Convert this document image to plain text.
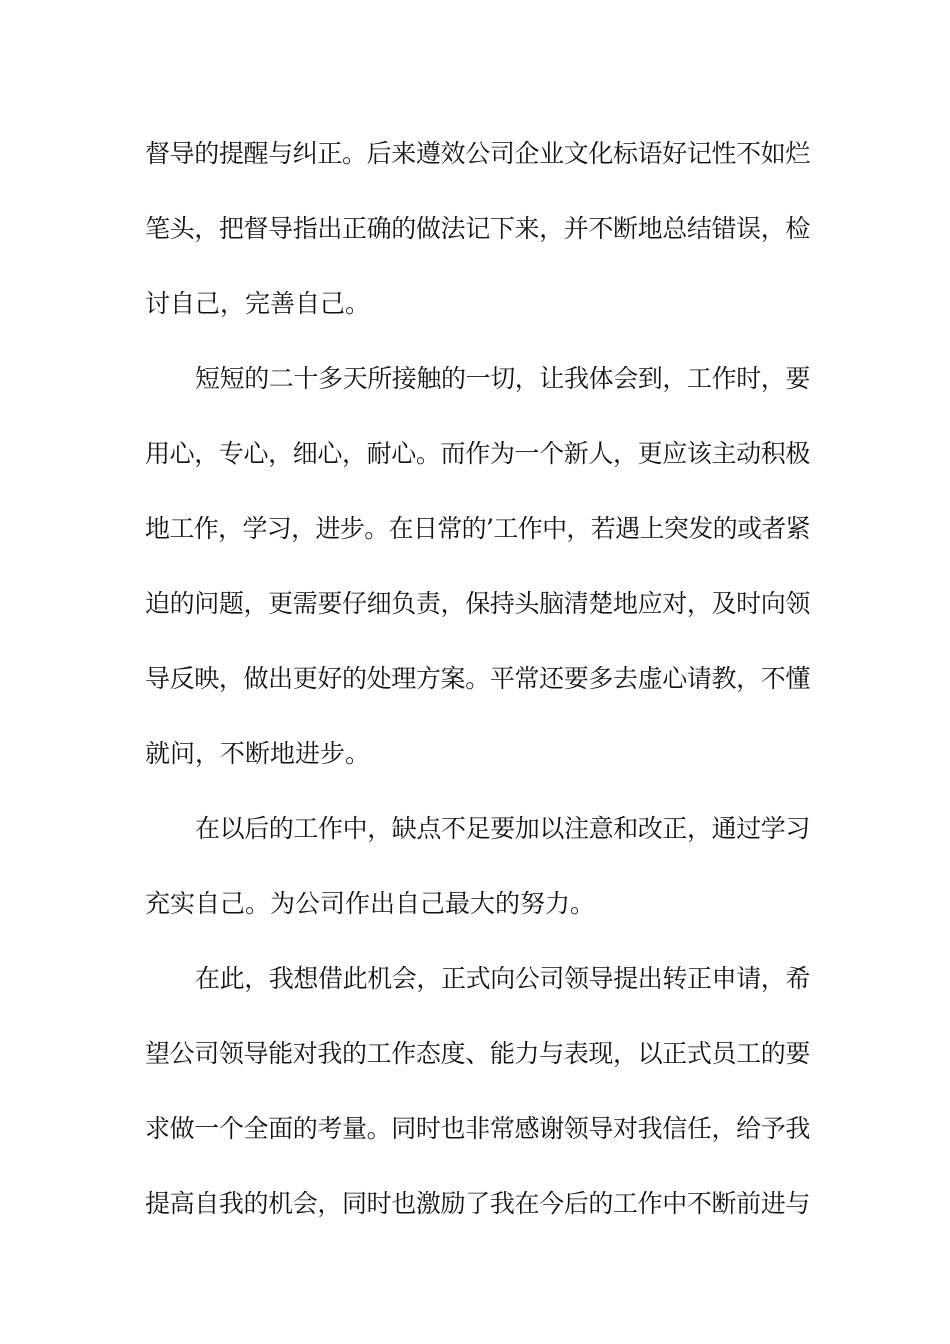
督导的提醒与纠正。后来遵效公司企业文化标语好记性不如烂
笔头，把督导指出正确的做法记下来，并不断地总结错误，检
讨自己，完善自己。
短短的二十多天所接触的一切，让我体会到，工作时，要
用心，专心，细心，耐心。而作为一个新人，更应该主动积极
地工作，学习，进步。在日常的’工作中，若遇上突发的或者紧
迫的问题，更需要仔细负责，保持头脑清楚地应对，及时向领
导反映，做出更好的处理方案。平常还要多去虚心请教，不懂
就问，不断地进步。
在以后的工作中，缺点不足要加以注意和改正，通过学习
充实自己。为公司作出自己最大的努力。
在此，我想借此机会，正式向公司领导提出转正申请，希
望公司领导能对我的工作态度、能力与表现，以正式员工的要
求做一个全面的考量。同时也非常感谢领导对我信任，给予我
提高自我的机会，同时也激励了我在今后的工作中不断前进与
